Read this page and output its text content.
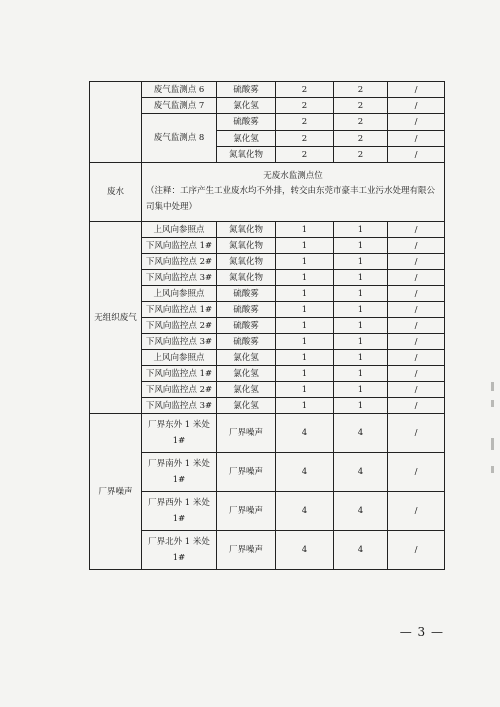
	废气监测点 6	硫酸雾	2	2	/
	废气监测点 7	氯化氢	2	2	/
	废气监测点 8	硫酸雾	2	2	/
		氯化氢	2	2	/
		氮氧化物	2	2	/
废水	无废水监测点位
（注释：工序产生工业废水均不外排，转交由东莞市豪丰工业污水处理有限公司集中处理）				

无组织废气	上风向参照点	氮氧化物	1	1	/
	下风向监控点 1#	氮氧化物	1	1	/
	下风向监控点 2#	氮氧化物	1	1	/
	下风向监控点 3#	氮氧化物	1	1	/
	上风向参照点	硫酸雾	1	1	/
	下风向监控点 1#	硫酸雾	1	1	/
	下风向监控点 2#	硫酸雾	1	1	/
	下风向监控点 3#	硫酸雾	1	1	/
	上风向参照点	氯化氢	1	1	/
	下风向监控点 1#	氯化氢	1	1	/
	下风向监控点 2#	氯化氢	1	1	/
	下风向监控点 3#	氯化氢	1	1	/
厂界噪声	厂界东外 1 米处 1#	厂界噪声	4	4	/
	厂界南外 1 米处 1#	厂界噪声	4	4	/
	厂界西外 1 米处 1#	厂界噪声	4	4	/
	厂界北外 1 米处 1#	厂界噪声	4	4	/
— 3 —
